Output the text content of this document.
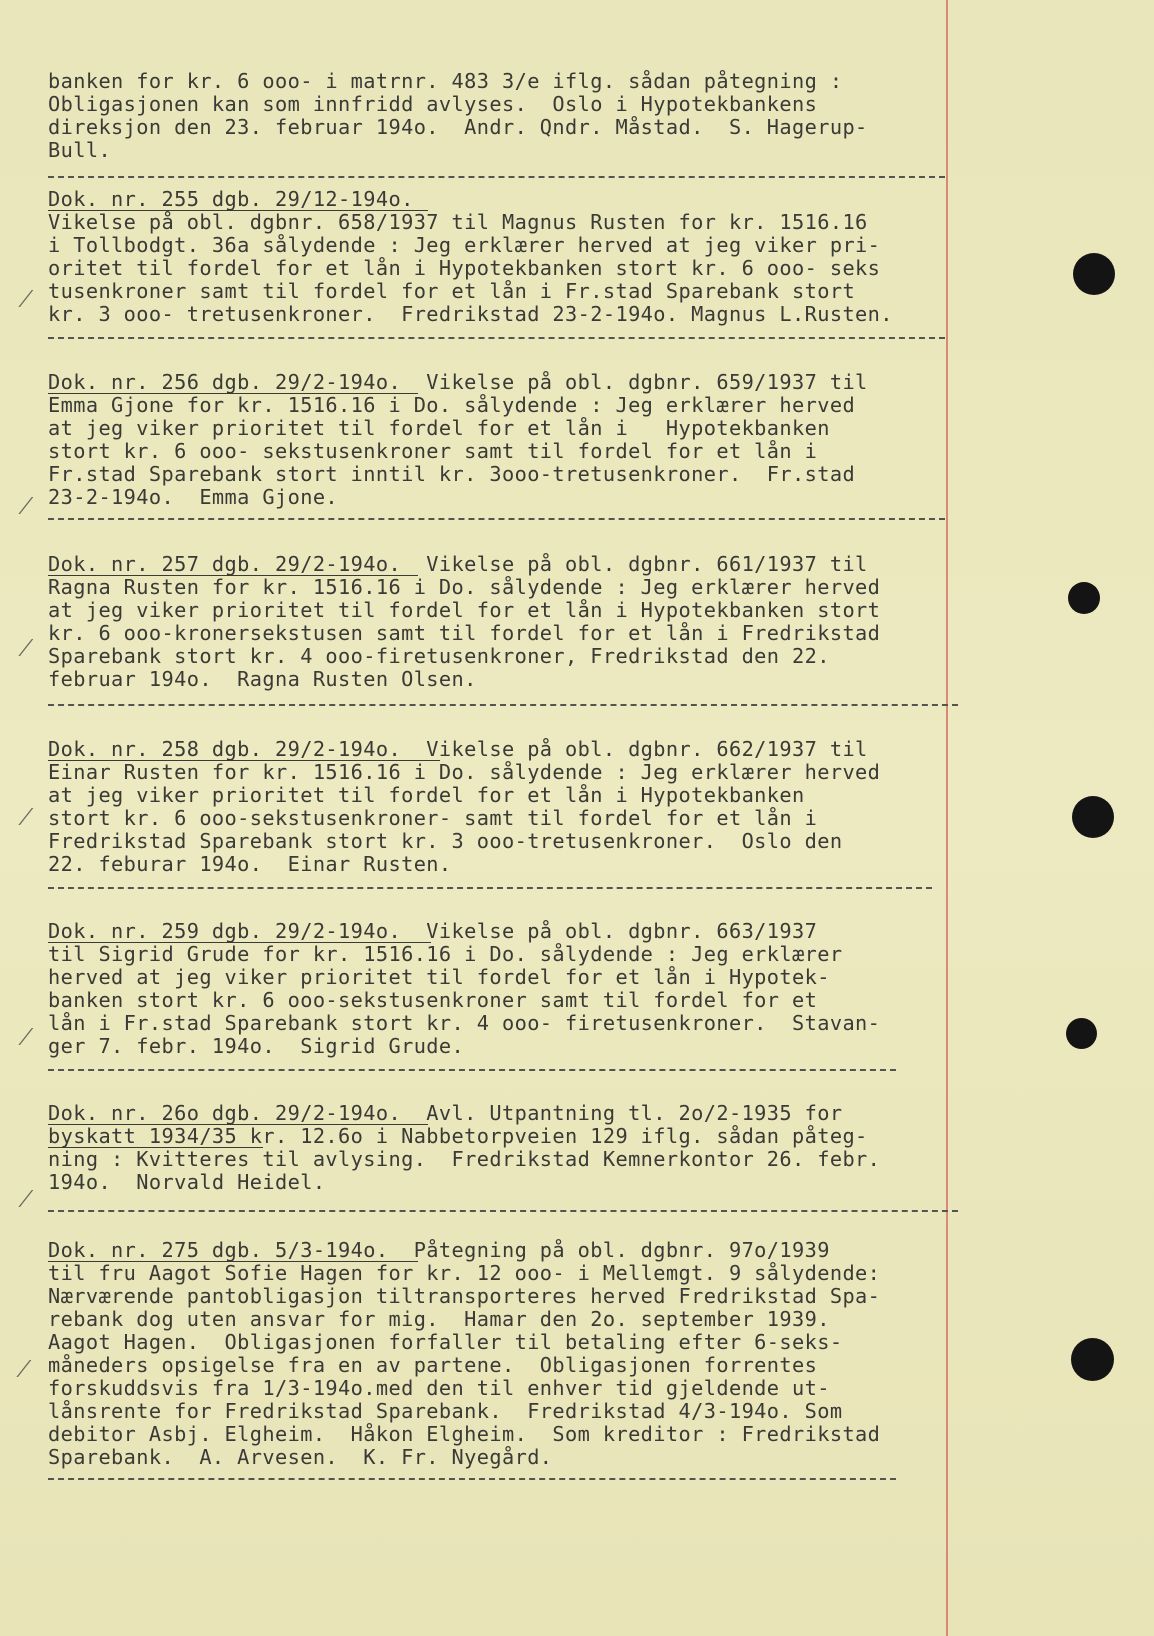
banken for kr. 6 ooo- i matrnr. 483 3/e iflg. sådan påtegning :
Obligasjonen kan som innfridd avlyses.  Oslo i Hypotekbankens
direksjon den 23. februar 194o.  Andr. Qndr. Måstad.  S. Hagerup-
Bull.
Dok. nr. 255 dgb. 29/12-194o.
Vikelse på obl. dgbnr. 658/1937 til Magnus Rusten for kr. 1516.16
i Tollbodgt. 36a sålydende : Jeg erklærer herved at jeg viker pri-
oritet til fordel for et lån i Hypotekbanken stort kr. 6 ooo- seks
tusenkroner samt til fordel for et lån i Fr.stad Sparebank stort
kr. 3 ooo- tretusenkroner.  Fredrikstad 23-2-194o. Magnus L.Rusten.
Dok. nr. 256 dgb. 29/2-194o.  Vikelse på obl. dgbnr. 659/1937 til
Emma Gjone for kr. 1516.16 i Do. sålydende : Jeg erklærer herved
at jeg viker prioritet til fordel for et lån i   Hypotekbanken
stort kr. 6 ooo- sekstusenkroner samt til fordel for et lån i
Fr.stad Sparebank stort inntil kr. 3ooo-tretusenkroner.  Fr.stad
23-2-194o.  Emma Gjone.
Dok. nr. 257 dgb. 29/2-194o.  Vikelse på obl. dgbnr. 661/1937 til
Ragna Rusten for kr. 1516.16 i Do. sålydende : Jeg erklærer herved
at jeg viker prioritet til fordel for et lån i Hypotekbanken stort
kr. 6 ooo-kronersekstusen samt til fordel for et lån i Fredrikstad
Sparebank stort kr. 4 ooo-firetusenkroner, Fredrikstad den 22.
februar 194o.  Ragna Rusten Olsen.
Dok. nr. 258 dgb. 29/2-194o.  Vikelse på obl. dgbnr. 662/1937 til
Einar Rusten for kr. 1516.16 i Do. sålydende : Jeg erklærer herved
at jeg viker prioritet til fordel for et lån i Hypotekbanken
stort kr. 6 ooo-sekstusenkroner- samt til fordel for et lån i
Fredrikstad Sparebank stort kr. 3 ooo-tretusenkroner.  Oslo den
22. feburar 194o.  Einar Rusten.
Dok. nr. 259 dgb. 29/2-194o.  Vikelse på obl. dgbnr. 663/1937
til Sigrid Grude for kr. 1516.16 i Do. sålydende : Jeg erklærer
herved at jeg viker prioritet til fordel for et lån i Hypotek-
banken stort kr. 6 ooo-sekstusenkroner samt til fordel for et
lån i Fr.stad Sparebank stort kr. 4 ooo- firetusenkroner.  Stavan-
ger 7. febr. 194o.  Sigrid Grude.
Dok. nr. 26o dgb. 29/2-194o.  Avl. Utpantning tl. 2o/2-1935 for
byskatt 1934/35 kr. 12.6o i Nabbetorpveien 129 iflg. sådan påteg-
ning : Kvitteres til avlysing.  Fredrikstad Kemnerkontor 26. febr.
194o.  Norvald Heidel.
Dok. nr. 275 dgb. 5/3-194o.  Påtegning på obl. dgbnr. 97o/1939
til fru Aagot Sofie Hagen for kr. 12 ooo- i Mellemgt. 9 sålydende:
Nærværende pantobligasjon tiltransporteres herved Fredrikstad Spa-
rebank dog uten ansvar for mig.  Hamar den 2o. september 1939.
Aagot Hagen.  Obligasjonen forfaller til betaling efter 6-seks-
måneders opsigelse fra en av partene.  Obligasjonen forrentes
forskuddsvis fra 1/3-194o.med den til enhver tid gjeldende ut-
lånsrente for Fredrikstad Sparebank.  Fredrikstad 4/3-194o. Som
debitor Asbj. Elgheim.  Håkon Elgheim.  Som kreditor : Fredrikstad
Sparebank.  A. Arvesen.  K. Fr. Nyegård.
⁄
⁄
⁄
⁄
⁄
⁄
⁄
